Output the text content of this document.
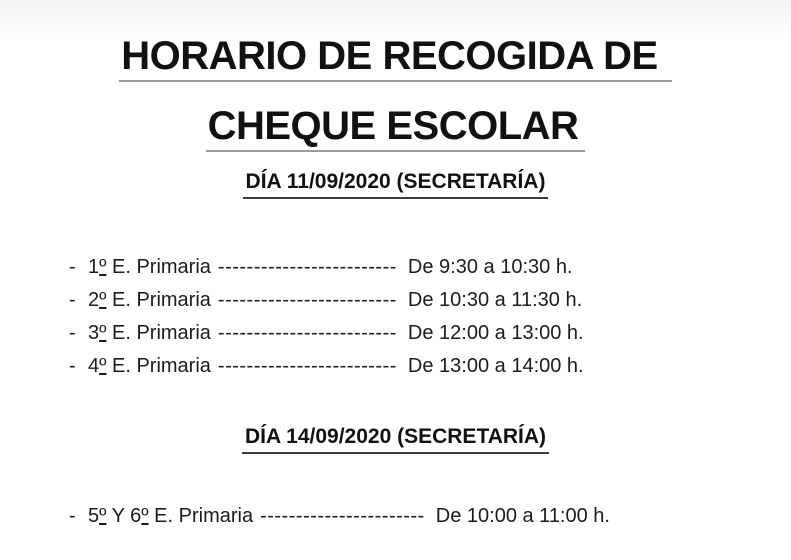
HORARIO DE RECOGIDA DE
CHEQUE ESCOLAR
DÍA 11/09/2020 (SECRETARÍA)
- 1º E. Primaria ------------------------- De 9:30 a 10:30 h.
- 2º E. Primaria ------------------------- De 10:30 a 11:30 h.
- 3º E. Primaria ------------------------- De 12:00 a 13:00 h.
- 4º E. Primaria ------------------------- De 13:00 a 14:00 h.
DÍA 14/09/2020 (SECRETARÍA)
- 5º Y 6º E. Primaria ----------------------- De 10:00 a 11:00 h.
